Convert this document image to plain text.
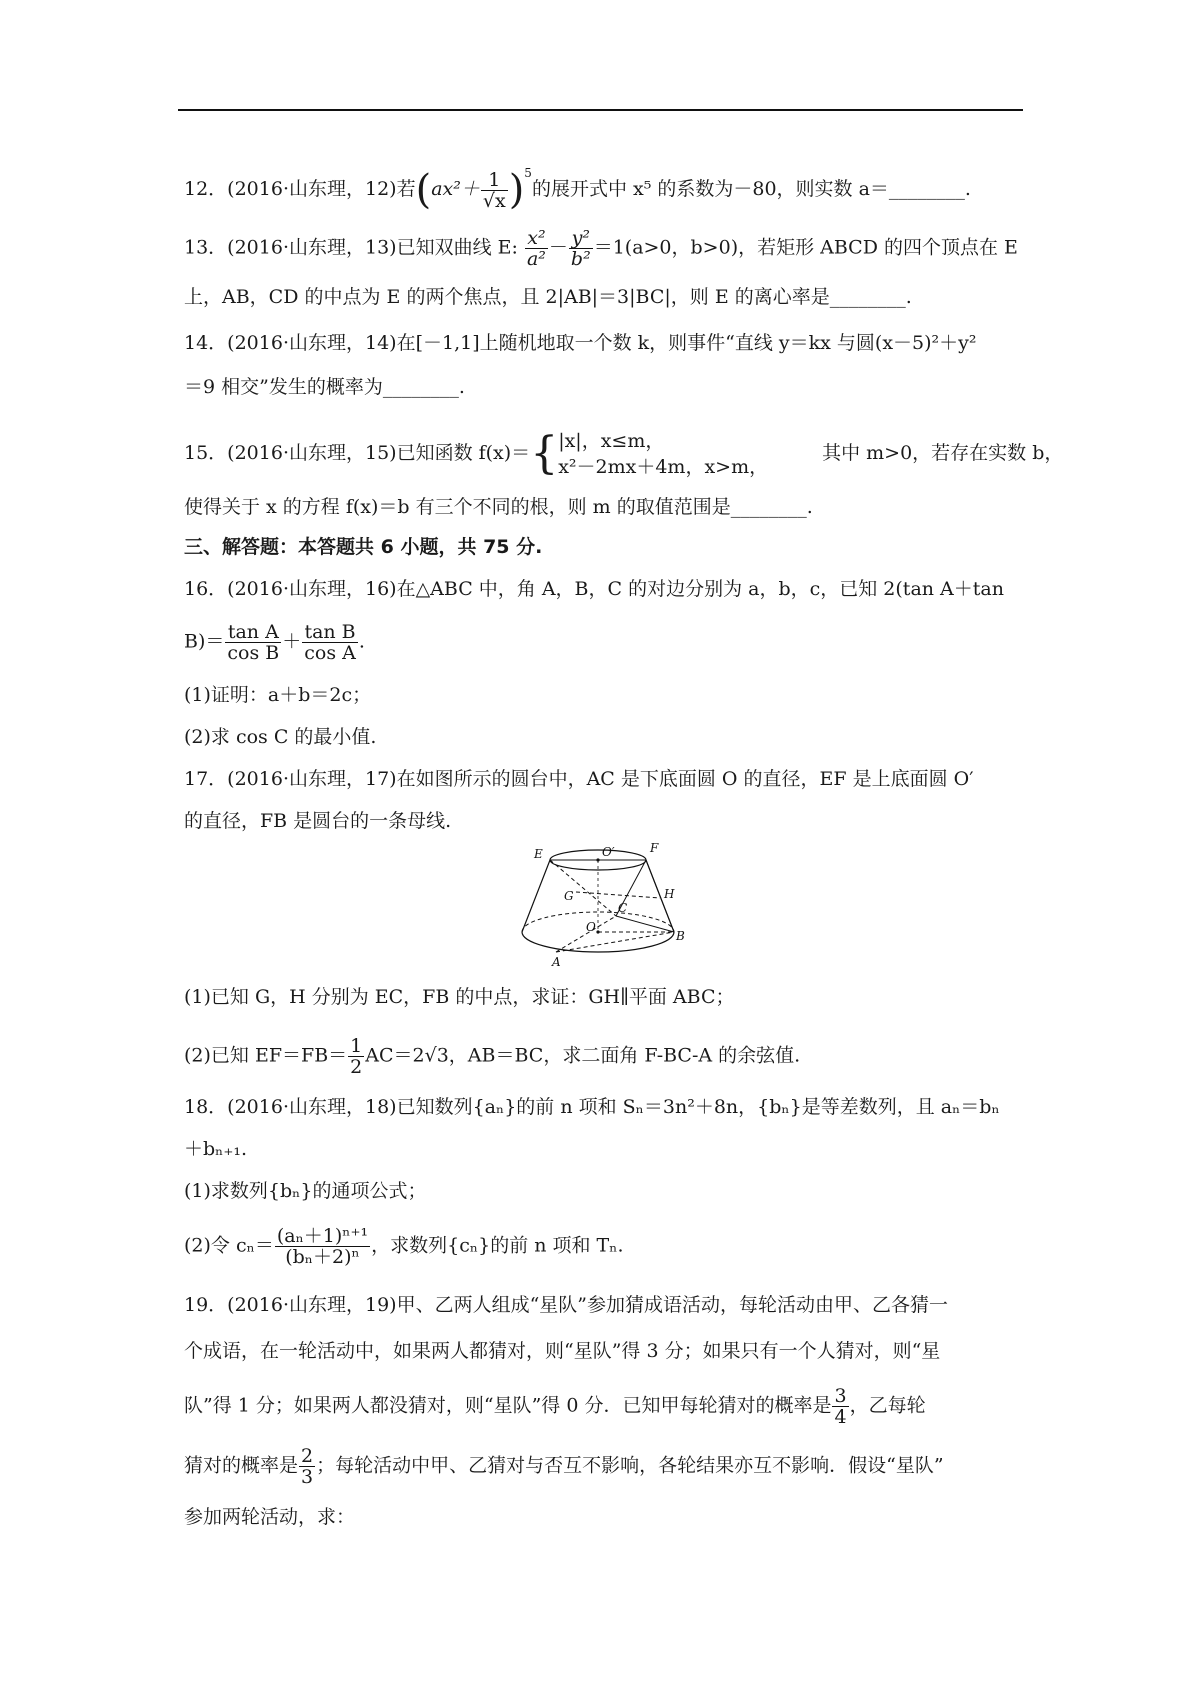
12．(2016·山东理，12)若$(ax^2+ \frac{1}{√x} )^5$的展开式中 x⁵ 的系数为－80，则实数 a＝________.
13．(2016·山东理，13)已知双曲线 E: $\frac{\text{x²}}{\text{a²}} - \frac{\text{y²}}{\text{b²}} =1(a>0$，b>0)，若矩形 ABCD 的四个顶点在 E
上，AB，CD 的中点为 E 的两个焦点，且 2|AB|＝3|BC|，则 E 的离心率是________.
14．(2016·山东理，14)在[－1,1]上随机地取一个数 k，则事件“直线 y＝kx 与圆(x－5)²＋y²
＝9 相交”发生的概率为________.
15．(2016·山东理，15)已知函数 f(x)＝{ |x|，x≤m，
x²－2mx＋4m，x>m，
其中 m>0，若存在实数 b，
使得关于 x 的方程 f(x)＝b 有三个不同的根，则 m 的取值范围是________.
三、解答题：本答题共 6 小题，共 75 分.
16．(2016·山东理，16)在△ABC 中，角 A，B，C 的对边分别为 a，b，c，已知 2(tan A＋tan
$B)= \frac{\text{tan A}}{\text{cos B}} + \frac{\text{tan B}}{\text{cos A}}$ .
(1)证明：a＋b＝2c；
(2)求 cos C 的最小值.
17．(2016·山东理，17)在如图所示的圆台中，AC 是下底面圆 O 的直径，EF 是上底面圆 O′
的直径，FB 是圆台的一条母线.
E	O′	F
H
G
C
O
B
A
(1)已知 G，H 分别为 EC，FB 的中点，求证：GH∥平面 ABC；
(2)已知 $EF=FB= \frac{1}{2} AC=2√3$，AB＝BC，求二面角 F-BC-A 的余弦值.
18．(2016·山东理，18)已知数列{aₙ}的前 n 项和 Sₙ＝3n²＋8n，{bₙ}是等差数列，且 aₙ＝bₙ
＋bₙ₊₁.
(1)求数列{bₙ}的通项公式；
(2)令 $c_n= \frac{\text{(aₙ＋1)ⁿ⁺¹}}{\text{(bₙ＋2)ⁿ}}$ ，求数列{cₙ}的前 n 项和 Tₙ.
19．(2016·山东理，19)甲、乙两人组成“星队”参加猜成语活动，每轮活动由甲、乙各猜一
个成语，在一轮活动中，如果两人都猜对，则“星队”得 3 分；如果只有一个人猜对，则“星
队”得 1 分；如果两人都没猜对，则“星队”得 0 分．已知甲每轮猜对的概率是 $\frac{3}{4}$ ，乙每轮
猜对的概率是 $\frac{2}{3}$ ；每轮活动中甲、乙猜对与否互不影响，各轮结果亦互不影响．假设“星队”
参加两轮活动，求：
